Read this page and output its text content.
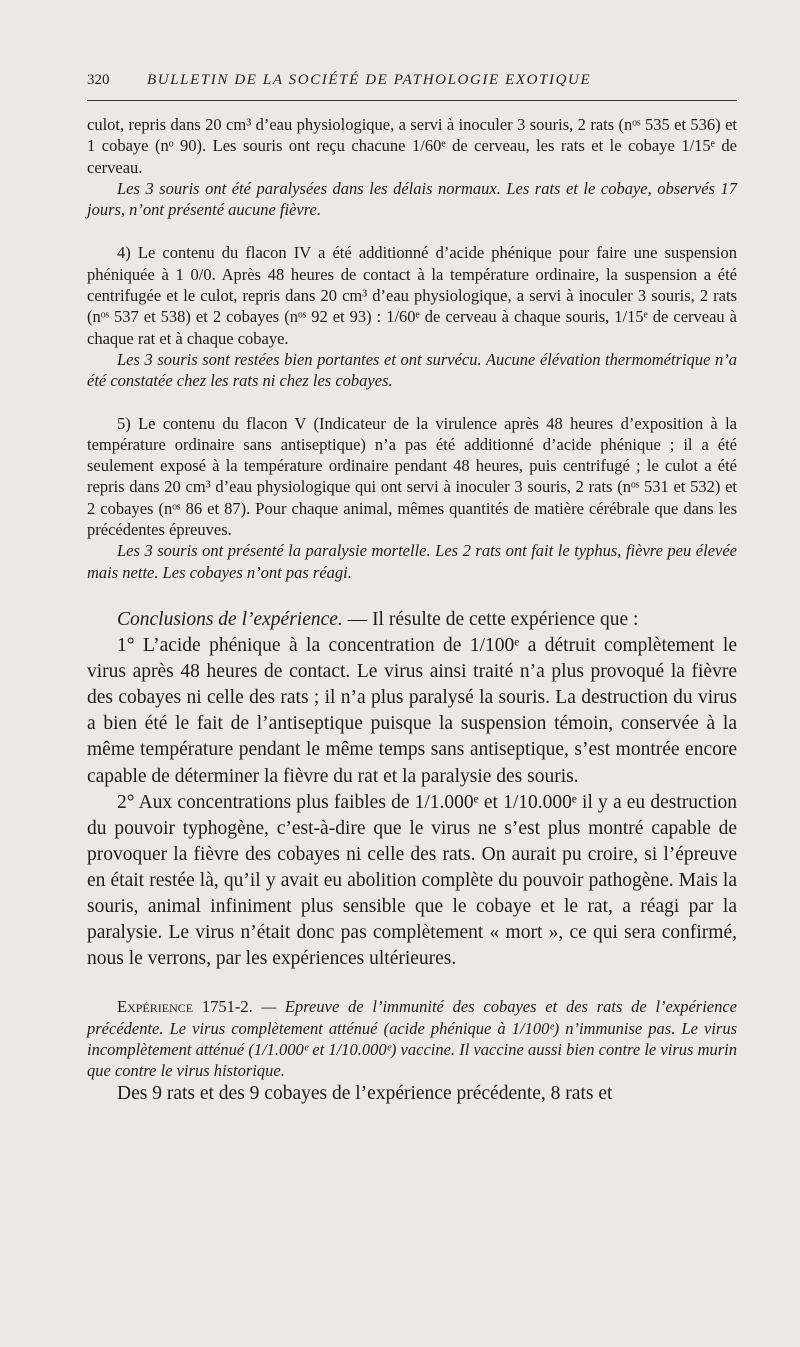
320	BULLETIN DE LA SOCIÉTÉ DE PATHOLOGIE EXOTIQUE

culot, repris dans 20 cm³ d’eau physiologique, a servi à inoculer 3 souris, 2 rats (nᵒˢ 535 et 536) et 1 cobaye (nᵒ 90). Les souris ont reçu chacune 1/60ᵉ de cerveau, les rats et le cobaye 1/15ᵉ de cerveau.

Les 3 souris ont été paralysées dans les délais normaux. Les rats et le cobaye, observés 17 jours, n’ont présenté aucune fièvre.

4) Le contenu du flacon IV a été additionné d’acide phénique pour faire une suspension phéniquée à 1 0/0. Après 48 heures de contact à la température ordinaire, la suspension a été centrifugée et le culot, repris dans 20 cm³ d’eau physiologique, a servi à inoculer 3 souris, 2 rats (nᵒˢ 537 et 538) et 2 cobayes (nᵒˢ 92 et 93) : 1/60ᵉ de cerveau à chaque souris, 1/15ᵉ de cerveau à chaque rat et à chaque cobaye.

Les 3 souris sont restées bien portantes et ont survécu. Aucune élévation thermométrique n’a été constatée chez les rats ni chez les cobayes.

5) Le contenu du flacon V (Indicateur de la virulence après 48 heures d’exposition à la température ordinaire sans antiseptique) n’a pas été additionné d’acide phénique ; il a été seulement exposé à la température ordinaire pendant 48 heures, puis centrifugé ; le culot a été repris dans 20 cm³ d’eau physiologique qui ont servi à inoculer 3 souris, 2 rats (nᵒˢ 531 et 532) et 2 cobayes (nᵒˢ 86 et 87). Pour chaque animal, mêmes quantités de matière cérébrale que dans les précédentes épreuves.

Les 3 souris ont présenté la paralysie mortelle. Les 2 rats ont fait le typhus, fièvre peu élevée mais nette. Les cobayes n’ont pas réagi.

Conclusions de l’expérience. — Il résulte de cette expérience que :

1° L’acide phénique à la concentration de 1/100ᵉ a détruit complètement le virus après 48 heures de contact. Le virus ainsi traité n’a plus provoqué la fièvre des cobayes ni celle des rats ; il n’a plus paralysé la souris. La destruction du virus a bien été le fait de l’antiseptique puisque la suspension témoin, conservée à la même température pendant le même temps sans antiseptique, s’est montrée encore capable de déterminer la fièvre du rat et la paralysie des souris.

2° Aux concentrations plus faibles de 1/1.000ᵉ et 1/10.000ᵉ il y a eu destruction du pouvoir typhogène, c’est-à-dire que le virus ne s’est plus montré capable de provoquer la fièvre des cobayes ni celle des rats. On aurait pu croire, si l’épreuve en était restée là, qu’il y avait eu abolition complète du pouvoir pathogène. Mais la souris, animal infiniment plus sensible que le cobaye et le rat, a réagi par la paralysie. Le virus n’était donc pas complètement « mort », ce qui sera confirmé, nous le verrons, par les expériences ultérieures.

Expérience 1751-2. — Epreuve de l’immunité des cobayes et des rats de l’expérience précédente. Le virus complètement atténué (acide phénique à 1/100ᵉ) n’immunise pas. Le virus incomplètement atténué (1/1.000ᵉ et 1/10.000ᵉ) vaccine. Il vaccine aussi bien contre le virus murin que contre le virus historique.

Des 9 rats et des 9 cobayes de l’expérience précédente, 8 rats et
